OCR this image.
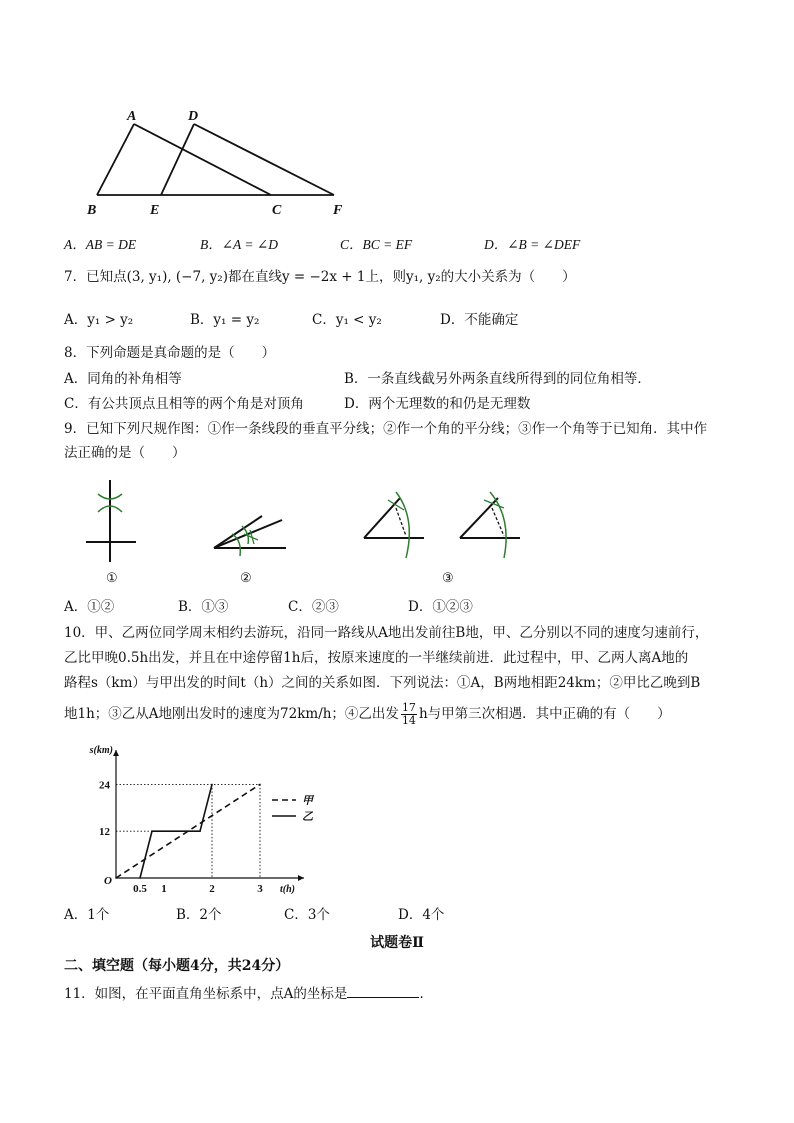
A	D
B	E	C	F
A．AB = DE	B．∠A = ∠D	C．BC = EF	D．∠B = ∠DEF
7．已知点(3, y₁), (−7, y₂)都在直线y = −2x + 1上，则y₁, y₂的大小关系为（　　）
A．y₁ > y₂	B．y₁ = y₂	C．y₁ < y₂	D．不能确定
8．下列命题是真命题的是（　　）
A．同角的补角相等	B．一条直线截另外两条直线所得到的同位角相等．
C．有公共顶点且相等的两个角是对顶角	D．两个无理数的和仍是无理数
9．已知下列尺规作图：①作一条线段的垂直平分线；②作一个角的平分线；③作一个角等于已知角．其中作
法正确的是（　　）
①	②	③
A．①②	B．①③	C．②③	D．①②③
10．甲、乙两位同学周末相约去游玩，沿同一路线从A地出发前往B地，甲、乙分别以不同的速度匀速前行，
乙比甲晚0.5h出发，并且在中途停留1h后，按原来速度的一半继续前进．此过程中，甲、乙两人离A地的
路程s（km）与甲出发的时间t（h）之间的关系如图．下列说法：①A，B两地相距24km；②甲比乙晚到B
地1h；③乙从A地刚出发时的速度为72km/h；④乙出发 $\frac{17}{14}$ h与甲第三次相遇．其中正确的有（　　）
s(km)
t(h)
O
0.5 1	2	3
12
24
甲
乙
A．1个	B．2个	C．3个	D．4个
试题卷Ⅱ
二、填空题（每小题4分，共24分）
11．如图，在平面直角坐标系中，点A的坐标是	．
